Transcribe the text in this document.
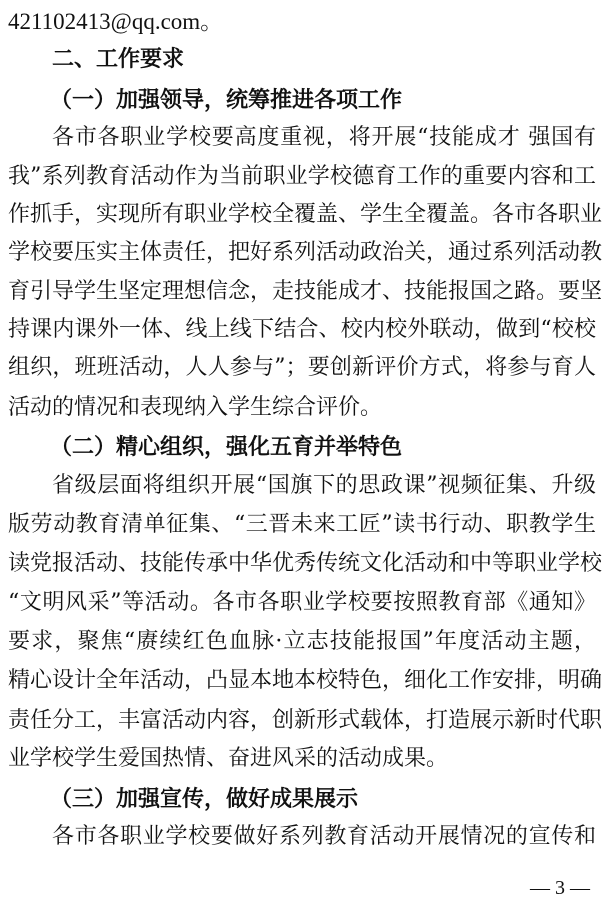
421102413@qq.com。
二、工作要求
（一）加强领导，统筹推进各项工作
各市各职业学校要高度重视，将开展“技能成才 强国有
我”系列教育活动作为当前职业学校德育工作的重要内容和工
作抓手，实现所有职业学校全覆盖、学生全覆盖。各市各职业
学校要压实主体责任，把好系列活动政治关，通过系列活动教
育引导学生坚定理想信念，走技能成才、技能报国之路。要坚
持课内课外一体、线上线下结合、校内校外联动，做到“校校
组织，班班活动，人人参与”；要创新评价方式，将参与育人
活动的情况和表现纳入学生综合评价。
（二）精心组织，强化五育并举特色
省级层面将组织开展“国旗下的思政课”视频征集、升级
版劳动教育清单征集、“三晋未来工匠”读书行动、职教学生
读党报活动、技能传承中华优秀传统文化活动和中等职业学校
“文明风采”等活动。各市各职业学校要按照教育部《通知》
要求，聚焦“赓续红色血脉·立志技能报国”年度活动主题，
精心设计全年活动，凸显本地本校特色，细化工作安排，明确
责任分工，丰富活动内容，创新形式载体，打造展示新时代职
业学校学生爱国热情、奋进风采的活动成果。
（三）加强宣传，做好成果展示
各市各职业学校要做好系列教育活动开展情况的宣传和
— 3 —
